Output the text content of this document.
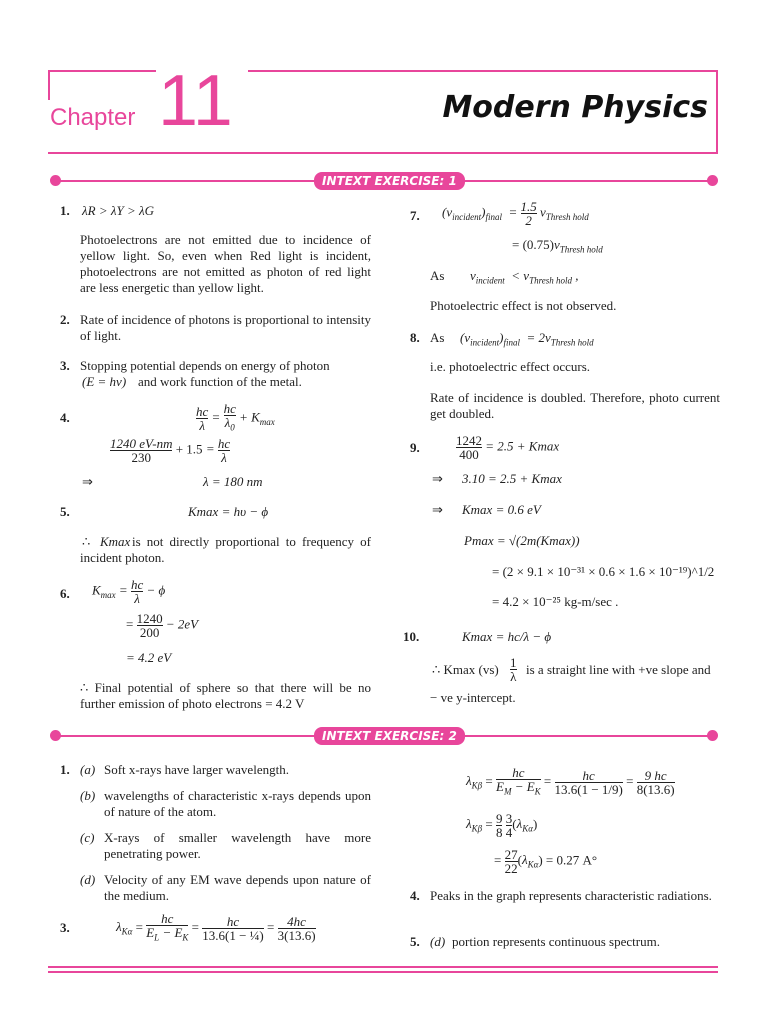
Chapter 11	Modern Physics
INTEXT EXERCISE: 1
1. λR > λY > λG
Photoelectrons are not emitted due to incidence of yellow light. So, even when Red light is incident, photoelectrons are not emitted as photon of red light are less energetic than yellow light.
2. Rate of incidence of photons is proportional to intensity of light.
3. Stopping potential depends on energy of photon
(E = hν) and work function of the metal.
4.	$\frac{hc}{\lambda} = \frac{hc}{\lambda_0} + K_{max}$
$\frac{1240 eV-nm}{230} + 1.5 = \frac{hc}{\lambda}$
⇒	λ = 180 nm
5.	Kmax = hυ − ϕ
∴ Kmax is not directly proportional to frequency of incident photon.
6. $K_{max} = \frac{hc}{\lambda} - \phi$
= $\frac{1240}{200} - 2eV$
= 4.2 eV
∴ Final potential of sphere so that there will be no further emission of photo electrons = 4.2 V
7. $(v_{incident})_{final} = \frac{1.5}{2} v_{Thresh hold}$
= $(0.75)v_{Thresh hold}$
As $v_{incident} < v_{Thresh hold}$ ,
Photoelectric effect is not observed.
8. As $(v_{incident})_{final} = 2v_{Thresh hold}$
i.e. photoelectric effect occurs.
Rate of incidence is doubled. Therefore, photo current get doubled.
9.	$\frac{1242}{400} = 2.5 + Kmax$
⇒ 3.10 = 2.5 + Kmax
⇒ Kmax = 0.6 eV
Pmax = √(2m(Kmax))
= (2 × 9.1 × 10⁻³¹ × 0.6 × 1.6 × 10⁻¹⁹)^1/2
= 4.2 × 10⁻²⁵ kg-m/sec .
10.	Kmax = hc/λ − ϕ
∴ Kmax $(vs) \frac{1}{\lambda}$ is a straight line with +ve slope and
− ve y-intercept.
INTEXT EXERCISE: 2
1. (a) Soft x-rays have larger wavelength.
(b) wavelengths of characteristic x-rays depends upon of nature of the atom.
(c) X-rays of smaller wavelength have more penetrating power.
(d) Velocity of any EM wave depends upon nature of the medium.
3.	$\lambda_{K\alpha} = \frac{hc}{E_L - E_K} = \frac{hc}{\text{13.6(1 − ¼)}} = \frac{4hc}{3(13.6)}$
$\lambda_{K\beta} = \frac{hc}{E_M - E_K} = \frac{hc}{13.6(1 - 1/9)} = \frac{9 hc}{8(13.6)}$
$\lambda_{K\beta} = \frac{9}{8}$
$\frac{3}{4} (\lambda_{K\alpha})$
= $\frac{27}{22} (\lambda_{K\alpha}) = 0.27$ A°
4. Peaks in the graph represents characteristic radiations.
5. (d) portion represents continuous spectrum.
